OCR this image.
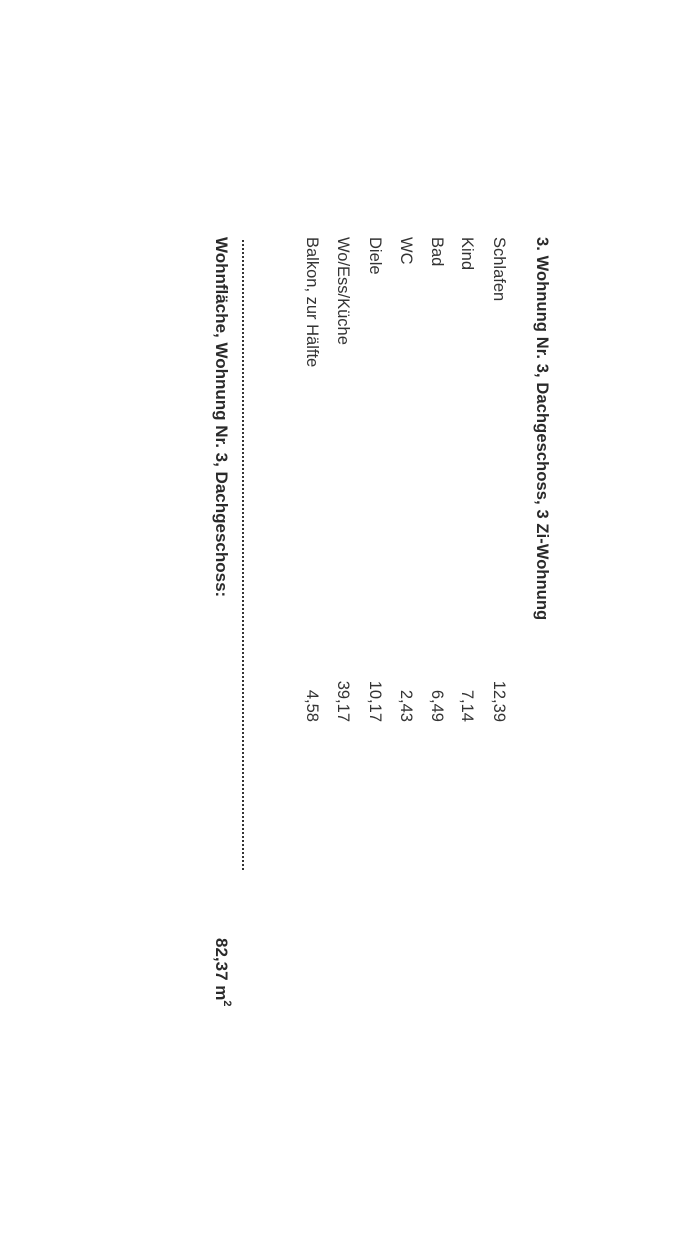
3. Wohnung Nr. 3, Dachgeschoss, 3 Zi-Wohnung
Schlafen
12,39
Kind
7,14
Bad
6,49
WC
2,43
Diele
10,17
Wo/Ess/Küche
39,17
Balkon, zur Hälfte
4,58
Wohnfläche, Wohnung Nr. 3, Dachgeschoss:
82,37 $m^2$
